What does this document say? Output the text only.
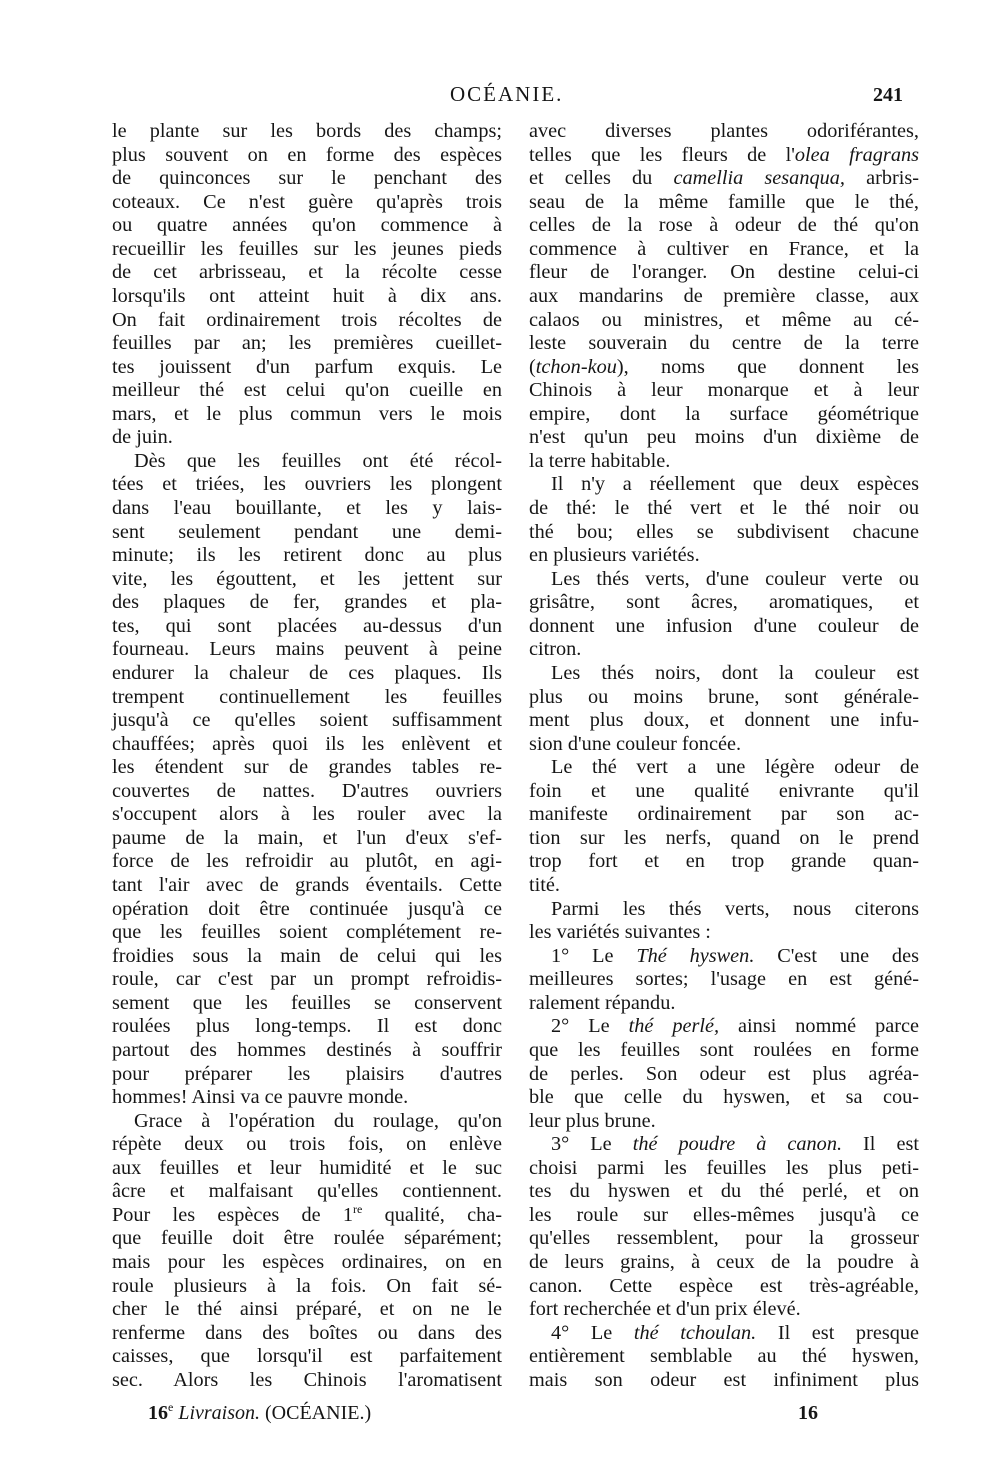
OCÉANIE.	241
le plante sur les bords des champs;
plus souvent on en forme des espèces
de quinconces sur le penchant des
coteaux. Ce n'est guère qu'après trois
ou quatre années qu'on commence à
recueillir les feuilles sur les jeunes pieds
de cet arbrisseau, et la récolte cesse
lorsqu'ils ont atteint huit à dix ans.
On fait ordinairement trois récoltes de
feuilles par an; les premières cueillet-
tes jouissent d'un parfum exquis. Le
meilleur thé est celui qu'on cueille en
mars, et le plus commun vers le mois
de juin.
Dès que les feuilles ont été récol-
tées et triées, les ouvriers les plongent
dans l'eau bouillante, et les y lais-
sent seulement pendant une demi-
minute; ils les retirent donc au plus
vite, les égouttent, et les jettent sur
des plaques de fer, grandes et pla-
tes, qui sont placées au-dessus d'un
fourneau. Leurs mains peuvent à peine
endurer la chaleur de ces plaques. Ils
trempent continuellement les feuilles
jusqu'à ce qu'elles soient suffisamment
chauffées; après quoi ils les enlèvent et
les étendent sur de grandes tables re-
couvertes de nattes. D'autres ouvriers
s'occupent alors à les rouler avec la
paume de la main, et l'un d'eux s'ef-
force de les refroidir au plutôt, en agi-
tant l'air avec de grands éventails. Cette
opération doit être continuée jusqu'à ce
que les feuilles soient complétement re-
froidies sous la main de celui qui les
roule, car c'est par un prompt refroidis-
sement que les feuilles se conservent
roulées plus long-temps. Il est donc
partout des hommes destinés à souffrir
pour préparer les plaisirs d'autres
hommes! Ainsi va ce pauvre monde.
Grace à l'opération du roulage, qu'on
répète deux ou trois fois, on enlève
aux feuilles et leur humidité et le suc
âcre et malfaisant qu'elles contiennent.
Pour les espèces de 1re qualité, cha-
que feuille doit être roulée séparément;
mais pour les espèces ordinaires, on en
roule plusieurs à la fois. On fait sé-
cher le thé ainsi préparé, et on ne le
renferme dans des boîtes ou dans des
caisses, que lorsqu'il est parfaitement
sec. Alors les Chinois l'aromatisent
avec diverses plantes odoriférantes,
telles que les fleurs de l'olea fragrans
et celles du camellia sesanqua, arbris-
seau de la même famille que le thé,
celles de la rose à odeur de thé qu'on
commence à cultiver en France, et la
fleur de l'oranger. On destine celui-ci
aux mandarins de première classe, aux
calaos ou ministres, et même au cé-
leste souverain du centre de la terre
(tchon-kou), noms que donnent les
Chinois à leur monarque et à leur
empire, dont la surface géométrique
n'est qu'un peu moins d'un dixième de
la terre habitable.
Il n'y a réellement que deux espèces
de thé: le thé vert et le thé noir ou
thé bou; elles se subdivisent chacune
en plusieurs variétés.
Les thés verts, d'une couleur verte ou
grisâtre, sont âcres, aromatiques, et
donnent une infusion d'une couleur de
citron.
Les thés noirs, dont la couleur est
plus ou moins brune, sont générale-
ment plus doux, et donnent une infu-
sion d'une couleur foncée.
Le thé vert a une légère odeur de
foin et une qualité enivrante qu'il
manifeste ordinairement par son ac-
tion sur les nerfs, quand on le prend
trop fort et en trop grande quan-
tité.
Parmi les thés verts, nous citerons
les variétés suivantes :
1° Le Thé hyswen. C'est une des
meilleures sortes; l'usage en est géné-
ralement répandu.
2° Le thé perlé, ainsi nommé parce
que les feuilles sont roulées en forme
de perles. Son odeur est plus agréa-
ble que celle du hyswen, et sa cou-
leur plus brune.
3° Le thé poudre à canon. Il est
choisi parmi les feuilles les plus peti-
tes du hyswen et du thé perlé, et on
les roule sur elles-mêmes jusqu'à ce
qu'elles ressemblent, pour la grosseur
de leurs grains, à ceux de la poudre à
canon. Cette espèce est très-agréable,
fort recherchée et d'un prix élevé.
4° Le thé tchoulan. Il est presque
entièrement semblable au thé hyswen,
mais son odeur est infiniment plus
16e Livraison. (OCÉANIE.)	16
